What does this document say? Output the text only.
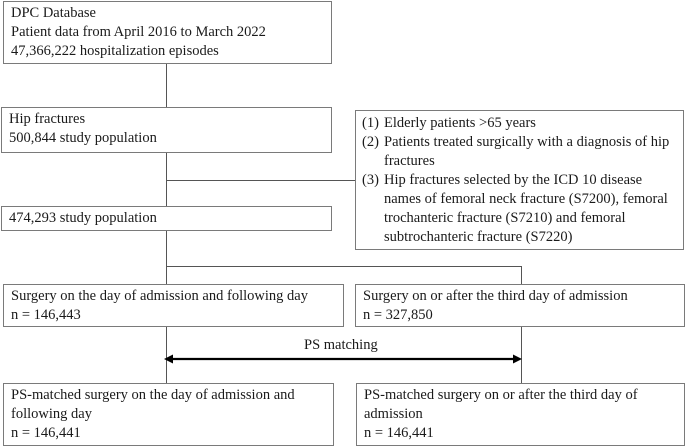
DPC Database
Patient data from April 2016 to March 2022
47,366,222 hospitalization episodes
Hip fractures
500,844 study population
(1) Elderly patients >65 years
(2) Patients treated surgically with a diagnosis of hip fractures
(3) Hip fractures selected by the ICD 10 disease names of femoral neck fracture (S7200), femoral trochanteric fracture (S7210) and femoral subtrochanteric fracture (S7220)
474,293 study population
Surgery on the day of admission and following day
n = 146,443
Surgery on or after the third day of admission
n = 327,850
PS matching
PS-matched surgery on the day of admission and
following day
n = 146,441
PS-matched surgery on or after the third day of
admission
n = 146,441
